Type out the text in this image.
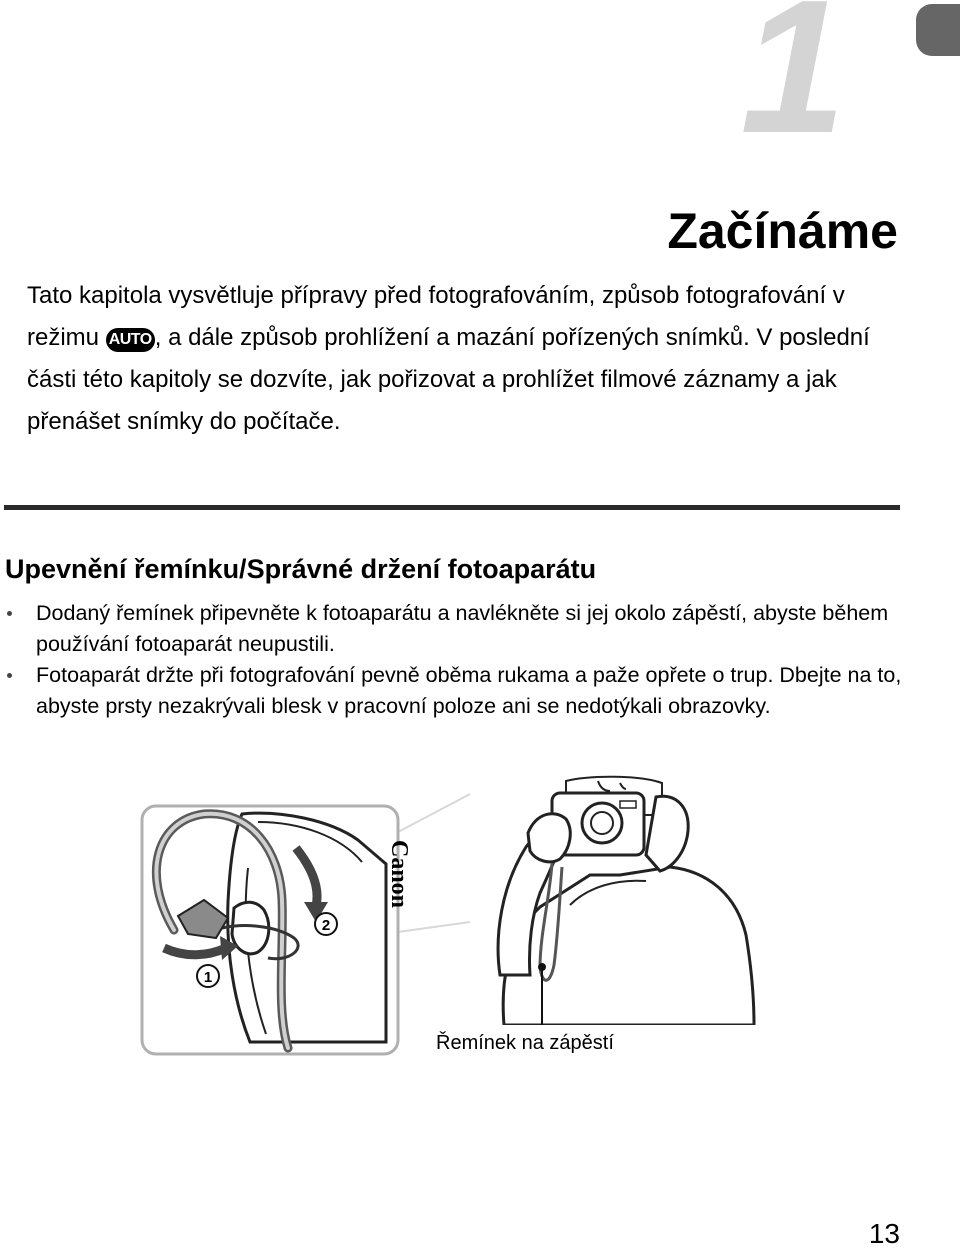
1
Začínáme

Tato kapitola vysvětluje přípravy před fotografováním, způsob fotografování v režimu AUTO , a dále způsob prohlížení a mazání pořízených snímků. V poslední části této kapitoly se dozvíte, jak pořizovat a prohlížet filmové záznamy a jak přenášet snímky do počítače.

Upevnění řemínku/Správné držení fotoaparátu
Dodaný řemínek připevněte k fotoaparátu a navlékněte si jej okolo zápěstí, abyste během používání fotoaparát neupustili.
Fotoaparát držte při fotografování pevně oběma rukama a paže opřete o trup. Dbejte na to, abyste prsty nezakrývali blesk v pracovní poloze ani se nedotýkali obrazovky.
1
2
Canon
Řemínek na zápěstí
13
